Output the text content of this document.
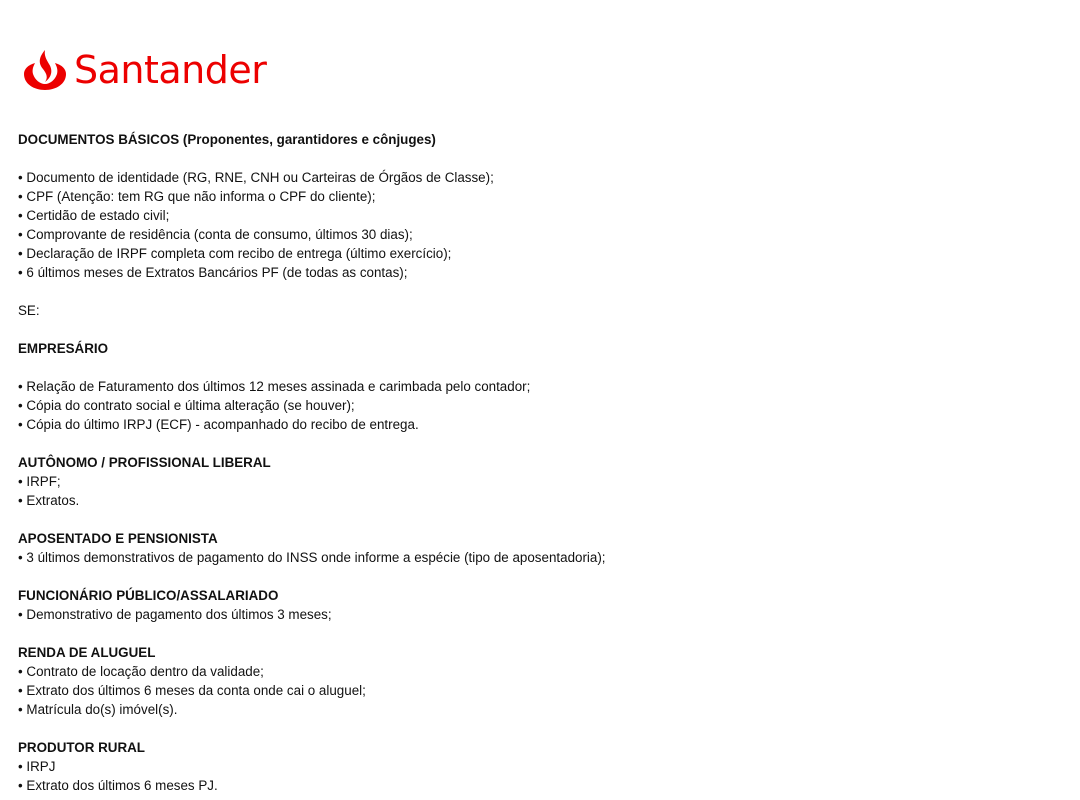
Santander
DOCUMENTOS BÁSICOS (Proponentes, garantidores e cônjuges)
• Documento de identidade (RG, RNE, CNH ou Carteiras de Órgãos de Classe);
• CPF (Atenção: tem RG que não informa o CPF do cliente);
• Certidão de estado civil;
• Comprovante de residência (conta de consumo, últimos 30 dias);
• Declaração de IRPF completa com recibo de entrega (último exercício);
• 6 últimos meses de Extratos Bancários PF (de todas as contas);
SE:
EMPRESÁRIO
• Relação de Faturamento dos últimos 12 meses assinada e carimbada pelo contador;
• Cópia do contrato social e última alteração (se houver);
• Cópia do último IRPJ (ECF) - acompanhado do recibo de entrega.
AUTÔNOMO / PROFISSIONAL LIBERAL
• IRPF;
• Extratos.
APOSENTADO E PENSIONISTA
• 3 últimos demonstrativos de pagamento do INSS onde informe a espécie (tipo de aposentadoria);
FUNCIONÁRIO PÚBLICO/ASSALARIADO
• Demonstrativo de pagamento dos últimos 3 meses;
RENDA DE ALUGUEL
• Contrato de locação dentro da validade;
• Extrato dos últimos 6 meses da conta onde cai o aluguel;
• Matrícula do(s) imóvel(s).
PRODUTOR RURAL
• IRPJ
• Extrato dos últimos 6 meses PJ.
